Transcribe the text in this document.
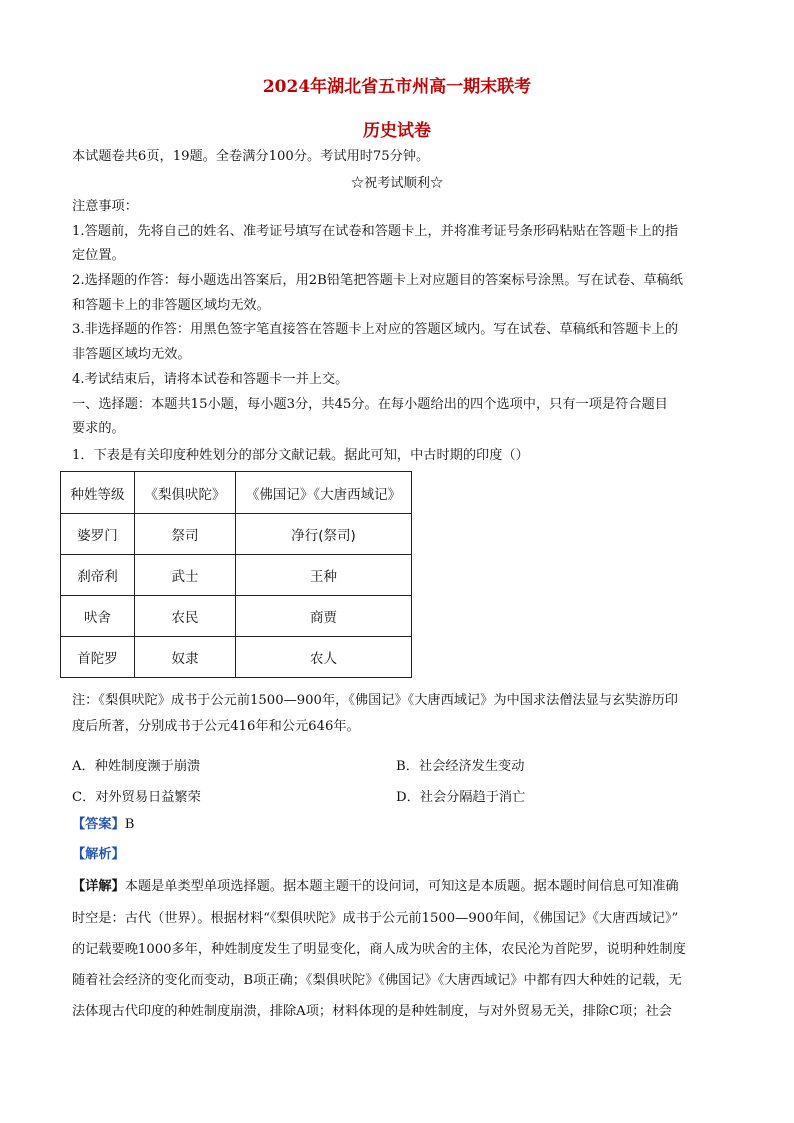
2024年湖北省五市州高一期末联考
历史试卷
本试题卷共6页，19题。全卷满分100分。考试用时75分钟。
☆祝考试顺利☆
注意事项：
1.答题前，先将自己的姓名、准考证号填写在试卷和答题卡上，并将准考证号条形码粘贴在答题卡上的指
定位置。
2.选择题的作答：每小题选出答案后，用2B铅笔把答题卡上对应题目的答案标号涂黑。写在试卷、草稿纸
和答题卡上的非答题区域均无效。
3.非选择题的作答：用黑色签字笔直接答在答题卡上对应的答题区域内。写在试卷、草稿纸和答题卡上的
非答题区域均无效。
4.考试结束后，请将本试卷和答题卡一并上交。
一、选择题：本题共15小题，每小题3分，共45分。在每小题给出的四个选项中，只有一项是符合题目
要求的。
1．下表是有关印度种姓划分的部分文献记载。据此可知，中古时期的印度（）
种姓等级	《梨俱吠陀》	《佛国记》《大唐西域记》
婆罗门	祭司	净行(祭司)
刹帝利	武士	王种
吠舍	农民	商贾
首陀罗	奴隶	农人
注：《梨俱吠陀》成书于公元前1500—900年，《佛国记》《大唐西域记》为中国求法僧法显与玄奘游历印
度后所著，分别成书于公元416年和公元646年。
A．种姓制度濒于崩溃	B．社会经济发生变动
C．对外贸易日益繁荣	D．社会分隔趋于消亡
【答案】B
【解析】
【详解】本题是单类型单项选择题。据本题主题干的设问词，可知这是本质题。据本题时间信息可知准确
时空是：古代（世界）。根据材料“《梨俱吠陀》成书于公元前1500—900年间，《佛国记》《大唐西域记》”
的记载要晚1000多年，种姓制度发生了明显变化，商人成为吠舍的主体，农民沦为首陀罗，说明种姓制度
随着社会经济的变化而变动，B项正确；《梨俱吠陀》《佛国记》《大唐西域记》中都有四大种姓的记载，无
法体现古代印度的种姓制度崩溃，排除A项；材料体现的是种姓制度，与对外贸易无关，排除C项；社会
